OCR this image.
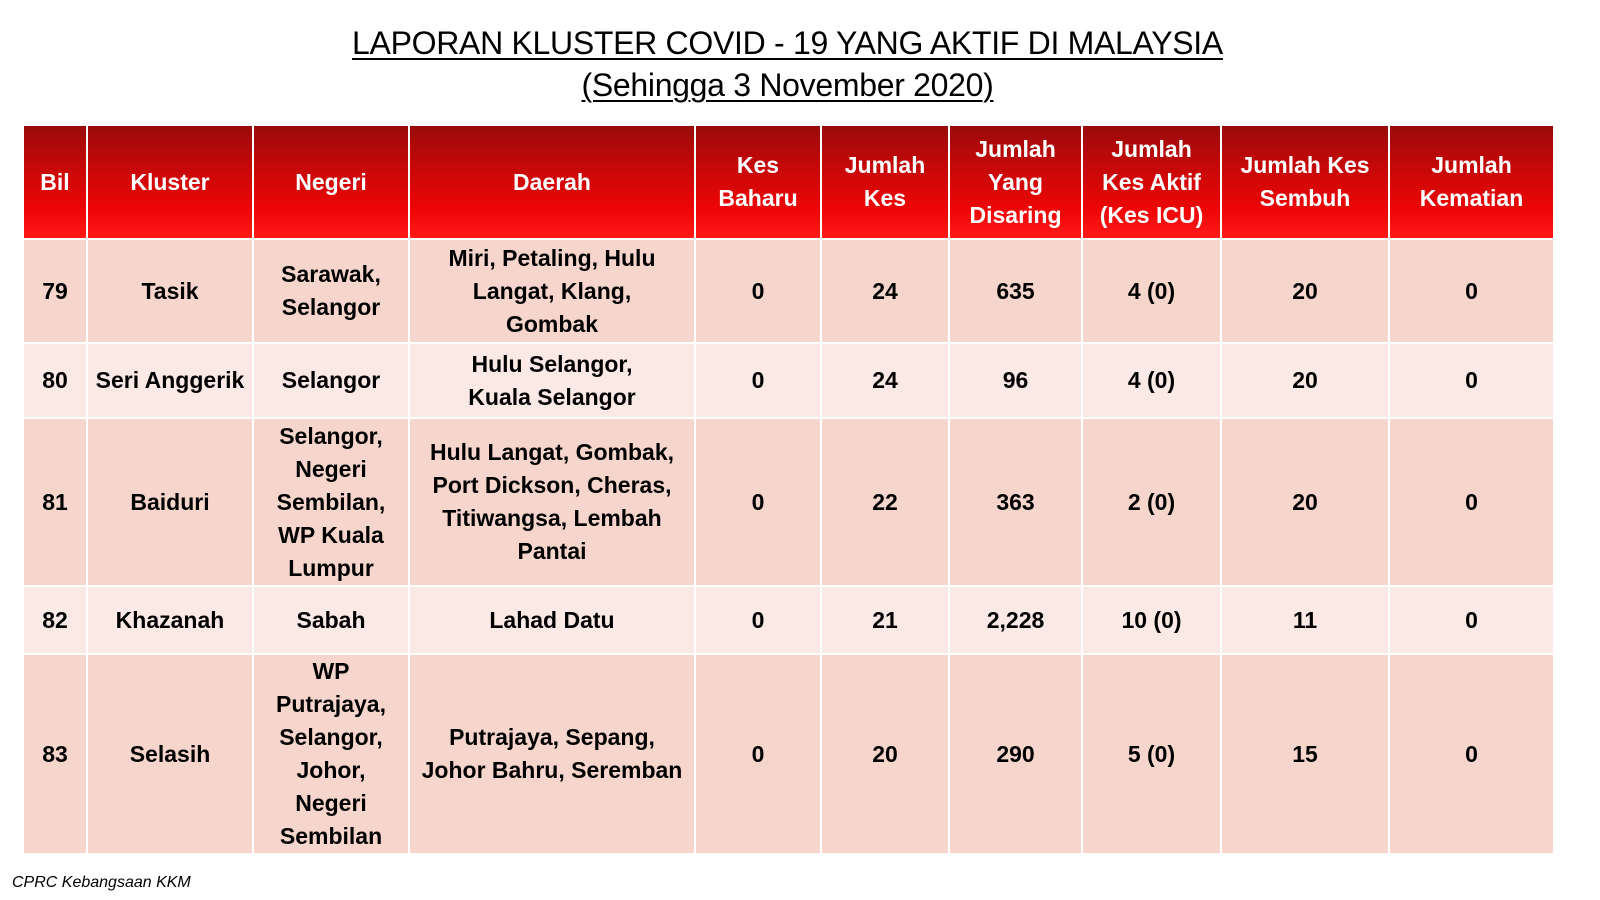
LAPORAN KLUSTER COVID - 19 YANG AKTIF DI MALAYSIA
(Sehingga 3 November 2020)
Bil	Kluster	Negeri	Daerah	Kes Baharu	Jumlah Kes	Jumlah Yang Disaring	Jumlah Kes Aktif (Kes ICU)	Jumlah Kes Sembuh	Jumlah Kematian
79	Tasik	Sarawak, Selangor	Miri, Petaling, Hulu Langat, Klang, Gombak	0	24	635	4 (0)	20	0
80	Seri Anggerik	Selangor	Hulu Selangor, Kuala Selangor	0	24	96	4 (0)	20	0
81	Baiduri	Selangor, Negeri Sembilan, WP Kuala Lumpur	Hulu Langat, Gombak, Port Dickson, Cheras, Titiwangsa, Lembah Pantai	0	22	363	2 (0)	20	0
82	Khazanah	Sabah	Lahad Datu	0	21	2,228	10 (0)	11	0
83	Selasih	WP Putrajaya, Selangor, Johor, Negeri Sembilan	Putrajaya, Sepang, Johor Bahru, Seremban	0	20	290	5 (0)	15	0
CPRC Kebangsaan KKM
